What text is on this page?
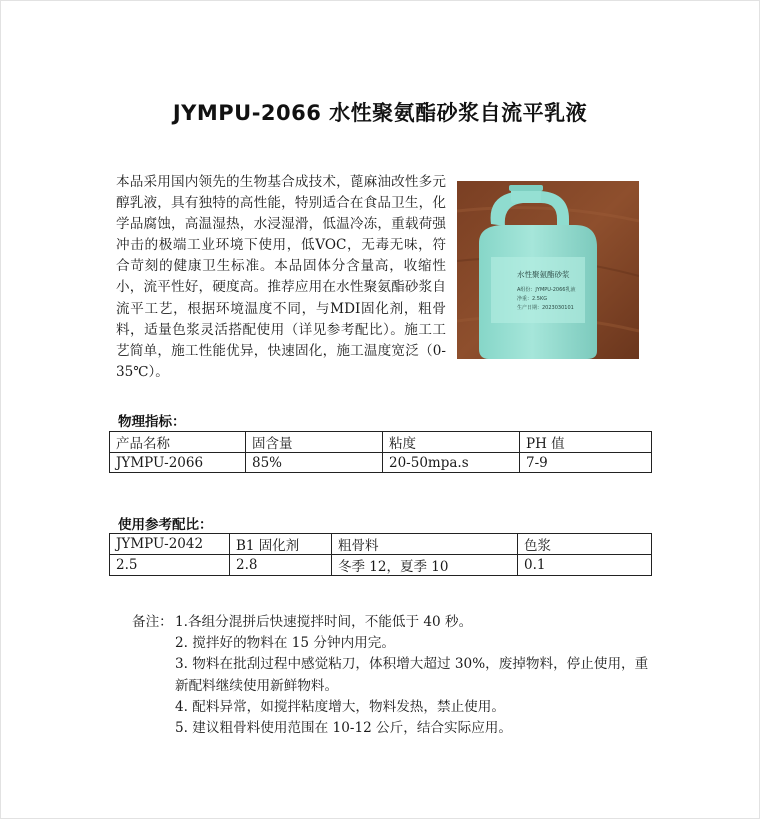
JYMPU-2066 水性聚氨酯砂浆自流平乳液
本品采用国内领先的生物基合成技术，蓖麻油改性多元醇乳液，具有独特的高性能，特别适合在食品卫生，化学品腐蚀，高温湿热，水浸湿滑，低温冷冻，重载荷强冲击的极端工业环境下使用，低VOC，无毒无味，符合苛刻的健康卫生标准。本品固体分含量高，收缩性小，流平性好，硬度高。推荐应用在水性聚氨酯砂浆自流平工艺，根据环境温度不同，与MDI固化剂，粗骨料，适量色浆灵活搭配使用（详见参考配比）。施工工艺简单，施工性能优异，快速固化，施工温度宽泛（0-35℃）。
水性聚氨酯砂浆
A组份：JYMPU-2066乳液
净重：2.5KG
生产日期：2023030101
物理指标：
产品名称	固含量	粘度	PH 值
JYMPU-2066	85%	20-50mpa.s	7-9
使用参考配比：
JYMPU-2042	B1 固化剂	粗骨料	色浆
2.5	2.8	冬季 12，夏季 10	0.1
备注： 1.各组分混拼后快速搅拌时间，不能低于 40 秒。
2. 搅拌好的物料在 15 分钟内用完。
3. 物料在批刮过程中感觉粘刀，体积增大超过 30%，废掉物料，停止使用，重新配料继续使用新鲜物料。
4. 配料异常，如搅拌粘度增大，物料发热，禁止使用。
5. 建议粗骨料使用范围在 10-12 公斤，结合实际应用。
